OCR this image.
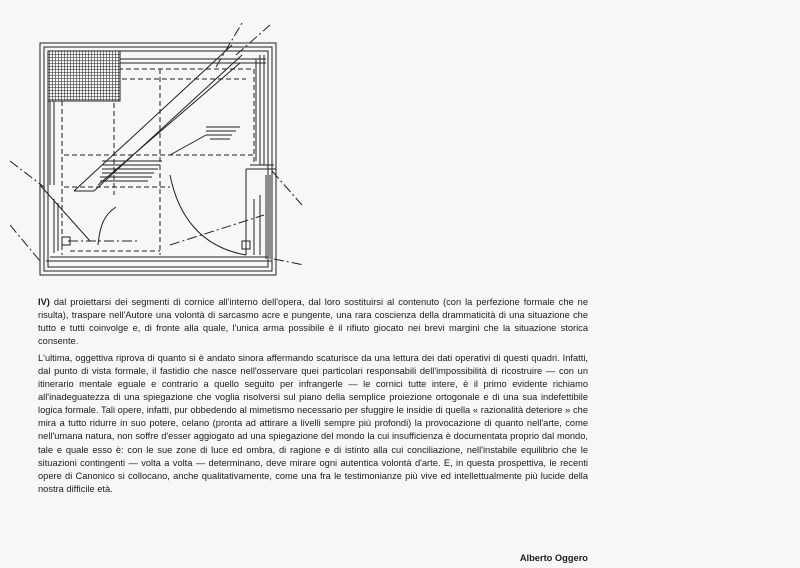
IV) dal proiettarsi dei segmenti di cornice all'interno dell'opera, dal loro sostituirsi al contenuto (con la perfezione formale che ne risulta), traspare nell'Autore una volontà di sarcasmo acre e pungente, una rara coscienza della drammaticità di una situazione che tutto e tutti coinvolge e, di fronte alla quale, l'unica arma possibile è il rifiuto giocato nei brevi margini che la situazione storica consente.

L'ultima, oggettiva riprova di quanto si è andato sinora affermando scaturisce da una lettura dei dati operativi di questi quadri. Infatti, dal punto di vista formale, il fastidio che nasce nell'osservare quei particolari responsabili dell'impossibilità di ricostruire — con un itinerario mentale eguale e contrario a quello seguito per infrangerle — le cornici tutte intere, è il primo evidente richiamo all'inadeguatezza di una spiegazione che voglia risolversi sul piano della semplice proiezione ortogonale e di una sua indefettibile logica formale. Tali opere, infatti, pur obbedendo al mimetismo necessario per sfuggire le insidie di quella « razionalità deteriore » che mira a tutto ridurre in suo potere, celano (pronta ad attirare a livelli sempre più profondi) la provocazione di quanto nell'arte, come nell'umana natura, non soffre d'esser aggiogato ad una spiegazione del mondo la cui insufficienza è documentata proprio dal mondo, tale e quale esso è: con le sue zone di luce ed ombra, di ragione e di istinto alla cui conciliazione, nell'instabile equilibrio che le situazioni contingenti — volta a volta — determinano, deve mirare ogni autentica volontà d'arte. E, in questa prospettiva, le recenti opere di Canonico si collocano, anche qualitativamente, come una fra le testimonianze più vive ed intellettualmente più lucide della nostra difficile età.

Alberto Oggero
